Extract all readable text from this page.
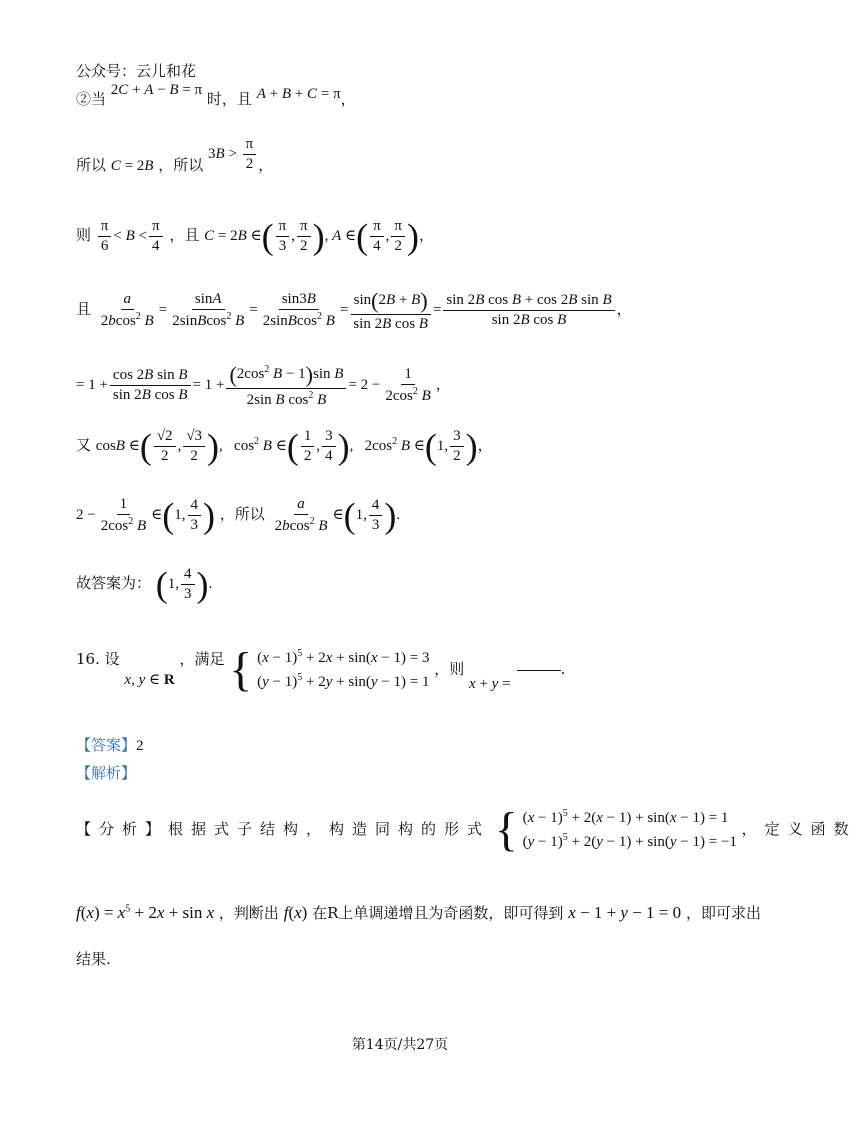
公众号：云儿和花
②当 2C + A − B = π 时，且 A + B + C = π，
所以 C = 2B ，所以 $3B > \frac{\pi}{2}$ ，
则 $\frac{\pi}{6} < B < \frac{\pi}{4}$ ，且 C = 2B ∈( $\frac{\pi}{3}$ , $\frac{\pi}{2}$ ), A ∈( $\frac{\pi}{4}$ , $\frac{\pi}{2}$ )，
且 $\frac{a}{2bcos^2 B} = \frac{\sin A}{2sinBcos^2 B} = \frac{\sin 3B}{2sinBcos^2 B} = \frac{\sin(2B + B)}{\text{sin 2B cos B}} = \frac{\text{sin 2B cos B + cos 2B sin B}}{\text{sin 2B cos B}}$ ，
= $1 + \frac{\text{cos 2B sin B}}{\text{sin 2B cos B}} = 1 + \frac{(2\cos^2 B - 1)\sin B}{2\sin B \cos^2 B} = 2 - \frac{1}{2\cos^2 B}$ ，
又 cosB ∈( $\frac{√2}{2}$ , $\frac{√3}{2}$ ),   $\cos^2 B$ ∈( $\frac{1}{2}$ , $\frac{3}{4}$ ),   $2\cos^2$ B ∈(1, $\frac{3}{2}$ )，
$2 - \frac{1}{2\cos^2 B}$ ∈(1, $\frac{4}{3}$ ) ，所以 $\frac{a}{2bcos^2 B}$ ∈(1, $\frac{4}{3}$ ).
故答案为： (1, $\frac{4}{3}$ ).
16. 设 x, y ∈ R ，满足 { $(x - 1)^5 + 2x + \sin(x - 1) = 3$
$(y - 1)^5 + 2y + \sin(y - 1) = 1$
，则 x + y =.
【答案】2
【解析】
【分析】根据式子结构，构造同构的形式 { $(x - 1)^5 + 2(x - 1) + \sin(x - 1) = 1$
$(y - 1)^5 + 2(y - 1) + \sin(y - 1) = -1$
，定义函数
$f(x) = x^5 + 2x + \sin x$ ，判断出 f(x) 在R上单调递增且为奇函数，即可得到 x − 1 + y − 1 = 0 ，即可求出
结果.
第14页/共27页
